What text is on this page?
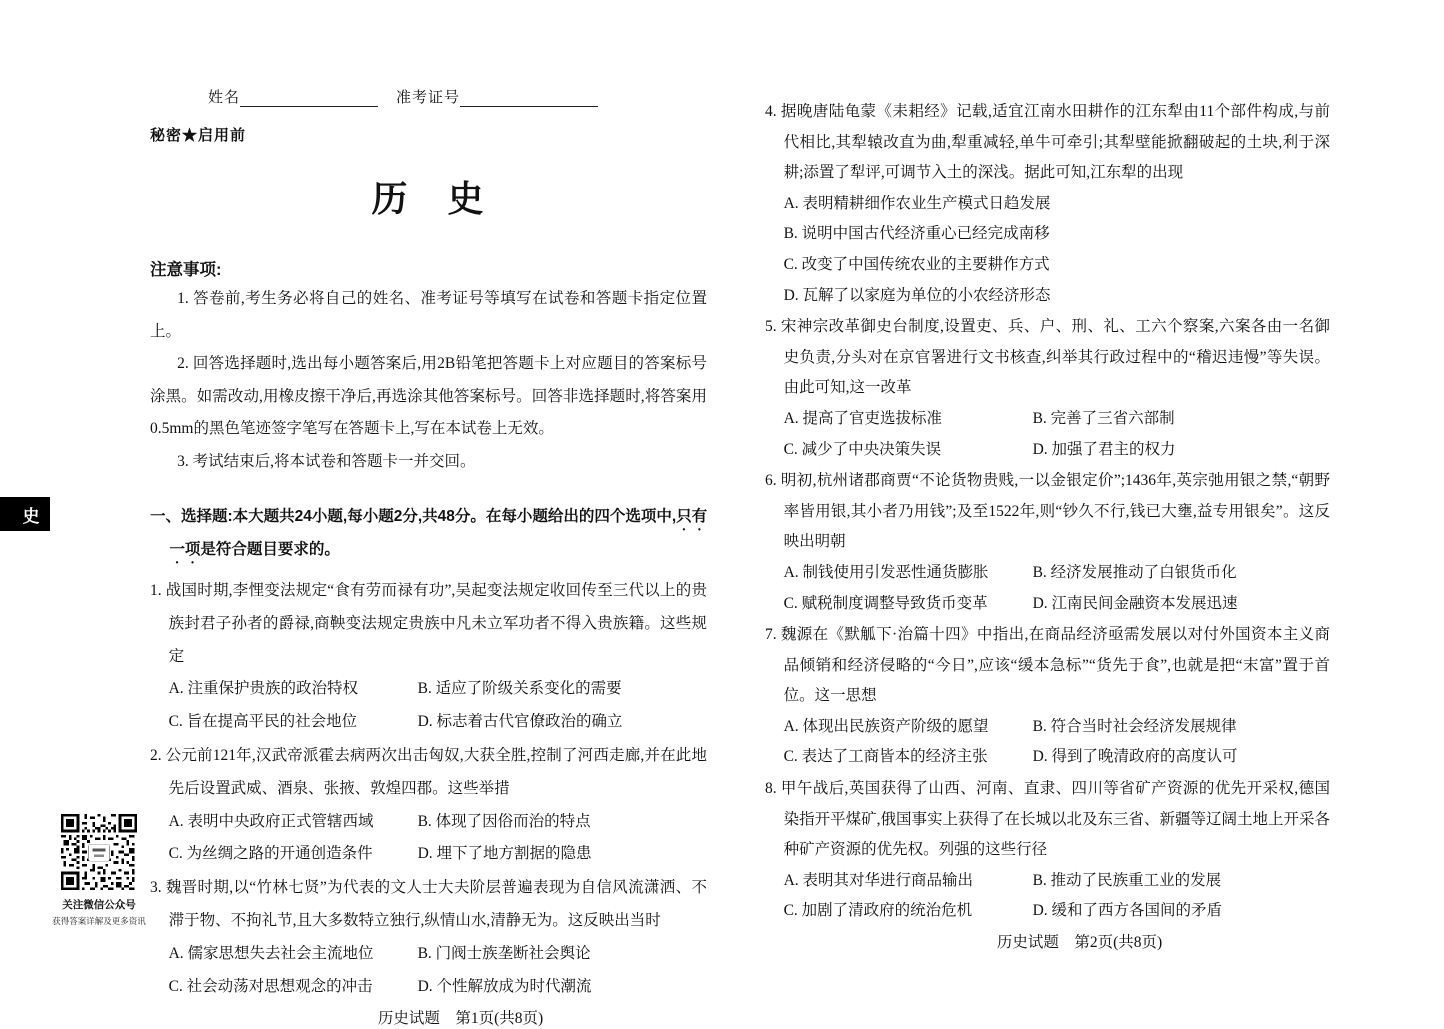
史
关注微信公众号
获得答案详解及更多资讯
姓名	准考证号
秘密★启用前
历　史
注意事项:

1. 答卷前,考生务必将自己的姓名、准考证号等填写在试卷和答题卡指定位置上。

2. 回答选择题时,选出每小题答案后,用2B铅笔把答题卡上对应题目的答案标号涂黑。如需改动,用橡皮擦干净后,再选涂其他答案标号。回答非选择题时,将答案用0.5mm的黑色笔迹签字笔写在答题卡上,写在本试卷上无效。

3. 考试结束后,将本试卷和答题卡一并交回。

一、选择题:本大题共24小题,每小题2分,共48分。在每小题给出的四个选项中,只有
一项是符合题目要求的。

1. 战国时期,李悝变法规定“食有劳而禄有功”,吴起变法规定收回传至三代以上的贵族封君子孙者的爵禄,商鞅变法规定贵族中凡未立军功者不得入贵族籍。这些规定

A. 注重保护贵族的政治特权	B. 适应了阶级关系变化的需要
C. 旨在提高平民的社会地位	D. 标志着古代官僚政治的确立

2. 公元前121年,汉武帝派霍去病两次出击匈奴,大获全胜,控制了河西走廊,并在此地先后设置武威、酒泉、张掖、敦煌四郡。这些举措

A. 表明中央政府正式管辖西域	B. 体现了因俗而治的特点
C. 为丝绸之路的开通创造条件	D. 埋下了地方割据的隐患

3. 魏晋时期,以“竹林七贤”为代表的文人士大夫阶层普遍表现为自信风流潇洒、不滞于物、不拘礼节,且大多数特立独行,纵情山水,清静无为。这反映出当时

A. 儒家思想失去社会主流地位	B. 门阀士族垄断社会舆论
C. 社会动荡对思想观念的冲击	D. 个性解放成为时代潮流
历史试题　第1页(共8页)

4. 据晚唐陆龟蒙《耒耜经》记载,适宜江南水田耕作的江东犁由11个部件构成,与前代相比,其犁辕改直为曲,犁重减轻,单牛可牵引;其犁壁能掀翻破起的土块,利于深耕;添置了犁评,可调节入土的深浅。据此可知,江东犁的出现

A. 表明精耕细作农业生产模式日趋发展
B. 说明中国古代经济重心已经完成南移
C. 改变了中国传统农业的主要耕作方式
D. 瓦解了以家庭为单位的小农经济形态

5. 宋神宗改革御史台制度,设置吏、兵、户、刑、礼、工六个察案,六案各由一名御史负责,分头对在京官署进行文书核查,纠举其行政过程中的“稽迟违慢”等失误。由此可知,这一改革

A. 提高了官吏选拔标准	B. 完善了三省六部制
C. 减少了中央决策失误	D. 加强了君主的权力

6. 明初,杭州诸郡商贾“不论货物贵贱,一以金银定价”;1436年,英宗弛用银之禁,“朝野率皆用银,其小者乃用钱”;及至1522年,则“钞久不行,钱已大壅,益专用银矣”。这反映出明朝

A. 制钱使用引发恶性通货膨胀	B. 经济发展推动了白银货币化
C. 赋税制度调整导致货币变革	D. 江南民间金融资本发展迅速

7. 魏源在《默觚下·治篇十四》中指出,在商品经济亟需发展以对付外国资本主义商品倾销和经济侵略的“今日”,应该“缓本急标”“货先于食”,也就是把“末富”置于首位。这一思想

A. 体现出民族资产阶级的愿望	B. 符合当时社会经济发展规律
C. 表达了工商皆本的经济主张	D. 得到了晚清政府的高度认可

8. 甲午战后,英国获得了山西、河南、直隶、四川等省矿产资源的优先开采权,德国染指开平煤矿,俄国事实上获得了在长城以北及东三省、新疆等辽阔土地上开采各种矿产资源的优先权。列强的这些行径

A. 表明其对华进行商品输出	B. 推动了民族重工业的发展
C. 加剧了清政府的统治危机	D. 缓和了西方各国间的矛盾
历史试题　第2页(共8页)
